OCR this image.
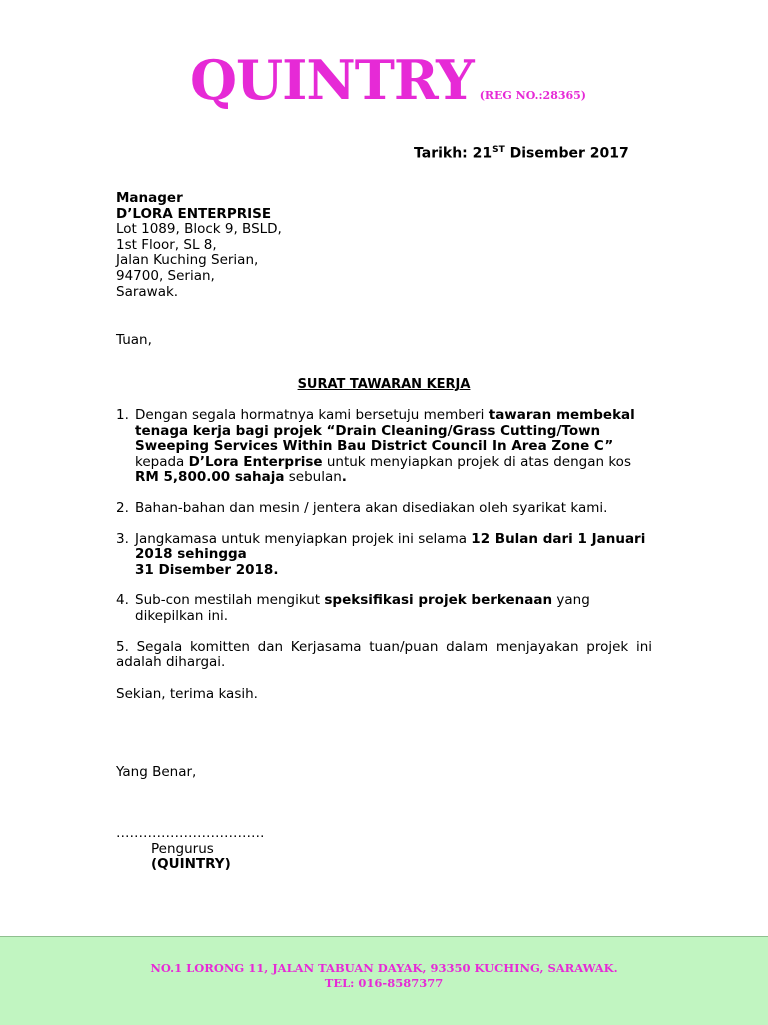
QUINTRY (REG NO.:28365)
Tarikh: 21ST Disember 2017
Manager
D’LORA ENTERPRISE
Lot 1089, Block 9, BSLD,
1st Floor, SL 8,
Jalan Kuching Serian,
94700, Serian,
Sarawak.
Tuan,
SURAT TAWARAN KERJA
1. Dengan segala hormatnya kami bersetuju memberi tawaran membekal tenaga kerja bagi projek “Drain Cleaning/Grass Cutting/Town Sweeping Services Within Bau District Council In Area Zone C” kepada D’Lora Enterprise untuk menyiapkan projek di atas dengan kos RM 5,800.00 sahaja sebulan.
2. Bahan-bahan dan mesin / jentera akan disediakan oleh syarikat kami.
3. Jangkamasa untuk menyiapkan projek ini selama 12 Bulan dari 1 Januari 2018 sehingga
31 Disember 2018.
4. Sub-con mestilah mengikut speksifikasi projek berkenaan yang dikepilkan ini.
5. Segala komitten dan Kerjasama tuan/puan dalam menjayakan projek ini adalah dihargai.
Sekian, terima kasih.
Yang Benar,
……………………………
Pengurus
(QUINTRY)
NO.1 LORONG 11, JALAN TABUAN DAYAK, 93350 KUCHING, SARAWAK.
TEL: 016-8587377
